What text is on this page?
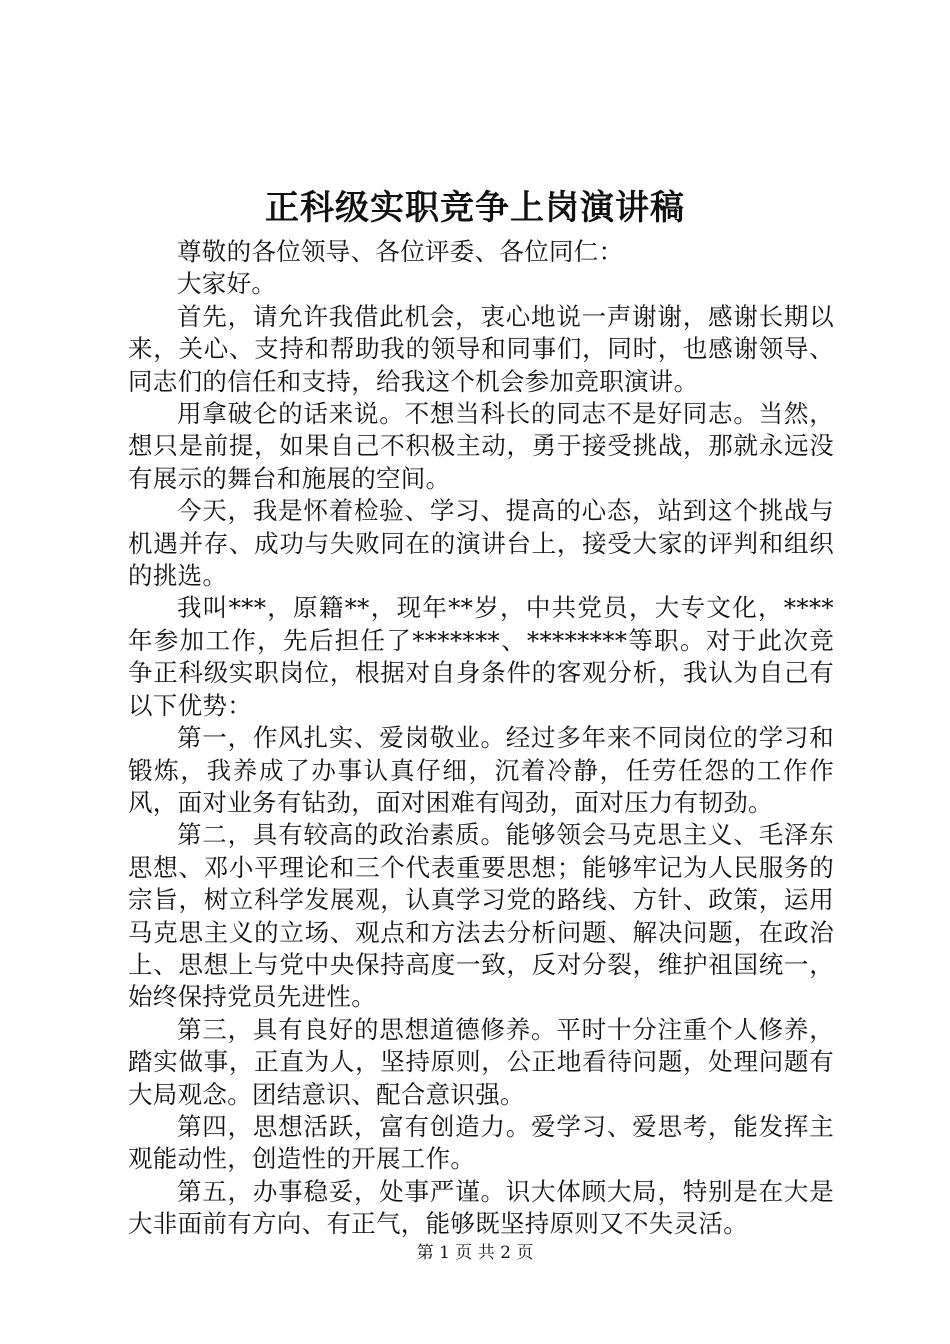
正科级实职竞争上岗演讲稿

尊敬的各位领导、各位评委、各位同仁：

大家好。

首先，请允许我借此机会，衷心地说一声谢谢，感谢长期以来，关心、支持和帮助我的领导和同事们，同时，也感谢领导、同志们的信任和支持，给我这个机会参加竞职演讲。

用拿破仑的话来说。不想当科长的同志不是好同志。当然，想只是前提，如果自己不积极主动，勇于接受挑战，那就永远没有展示的舞台和施展的空间。

今天，我是怀着检验、学习、提高的心态，站到这个挑战与机遇并存、成功与失败同在的演讲台上，接受大家的评判和组织的挑选。

我叫***，原籍**，现年**岁，中共党员，大专文化，****年参加工作，先后担任了*******、********等职。对于此次竞争正科级实职岗位，根据对自身条件的客观分析，我认为自己有以下优势：

第一，作风扎实、爱岗敬业。经过多年来不同岗位的学习和锻炼，我养成了办事认真仔细，沉着冷静，任劳任怨的工作作风，面对业务有钻劲，面对困难有闯劲，面对压力有韧劲。

第二，具有较高的政治素质。能够领会马克思主义、毛泽东思想、邓小平理论和三个代表重要思想；能够牢记为人民服务的宗旨，树立科学发展观，认真学习党的路线、方针、政策，运用马克思主义的立场、观点和方法去分析问题、解决问题，在政治上、思想上与党中央保持高度一致，反对分裂，维护祖国统一，始终保持党员先进性。

第三，具有良好的思想道德修养。平时十分注重个人修养，踏实做事，正直为人，坚持原则，公正地看待问题，处理问题有大局观念。团结意识、配合意识强。

第四，思想活跃，富有创造力。爱学习、爱思考，能发挥主观能动性，创造性的开展工作。

第五，办事稳妥，处事严谨。识大体顾大局，特别是在大是大非面前有方向、有正气，能够既坚持原则又不失灵活。

第 1 页 共 2 页
